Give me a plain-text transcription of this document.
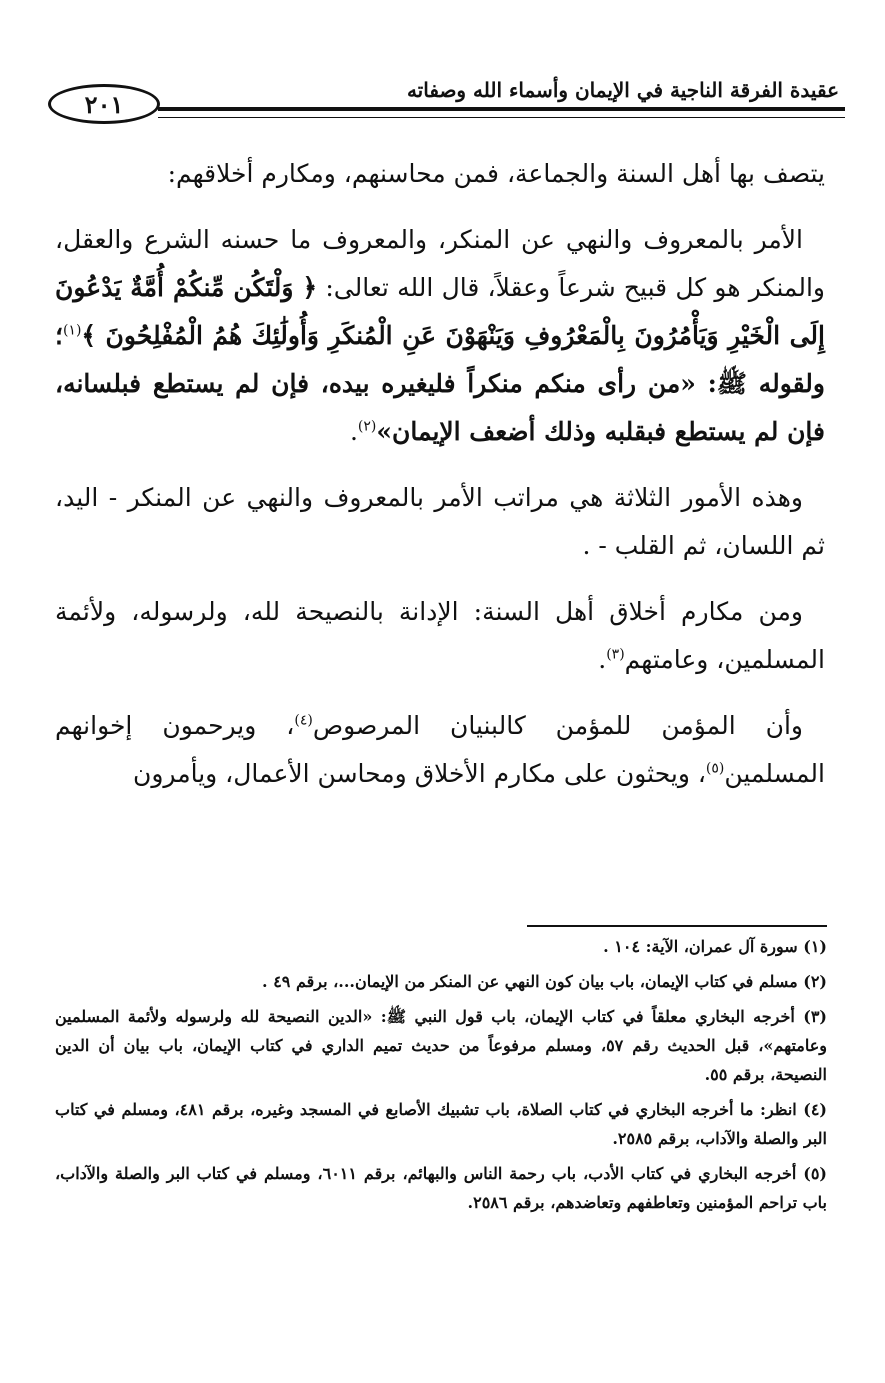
عقيدة الفرقة الناجية في الإيمان وأسماء الله وصفاته
٢٠١

يتصف بها أهل السنة والجماعة، فمن محاسنهم، ومكارم أخلاقهم:

الأمر بالمعروف والنهي عن المنكر، والمعروف ما حسنه الشرع والعقل، والمنكر هو كل قبيح شرعاً وعقلاً، قال الله تعالى: ﴿ وَلْتَكُن مِّنكُمْ أُمَّةٌ يَدْعُونَ إِلَى الْخَيْرِ وَيَأْمُرُونَ بِالْمَعْرُوفِ وَيَنْهَوْنَ عَنِ الْمُنكَرِ وَأُولَٰئِكَ هُمُ الْمُفْلِحُونَ ﴾$^{(١)}$؛ ولقوله ﷺ: «من رأى منكم منكراً فليغيره بيده، فإن لم يستطع فبلسانه، فإن لم يستطع فبقلبه وذلك أضعف الإيمان»$^{(٢)}$.

وهذه الأمور الثلاثة هي مراتب الأمر بالمعروف والنهي عن المنكر - اليد، ثم اللسان، ثم القلب - .

ومن مكارم أخلاق أهل السنة: الإدانة بالنصيحة لله، ولرسوله، ولأئمة المسلمين، وعامتهم$^{(٣)}$.

وأن المؤمن للمؤمن كالبنيان المرصوص$^{(٤)}$، ويرحمون إخوانهم المسلمين$^{(٥)}$، ويحثون على مكارم الأخلاق ومحاسن الأعمال، ويأمرون

(١) سورة آل عمران، الآية: ١٠٤ .

(٢) مسلم في كتاب الإيمان، باب بيان كون النهي عن المنكر من الإيمان...، برقم ٤٩ .

(٣) أخرجه البخاري معلقاً في كتاب الإيمان، باب قول النبي ﷺ: «الدين النصيحة لله ولرسوله ولأئمة المسلمين وعامتهم»، قبل الحديث رقم ٥٧، ومسلم مرفوعاً من حديث تميم الداري في كتاب الإيمان، باب بيان أن الدين النصيحة، برقم ٥٥.

(٤) انظر: ما أخرجه البخاري في كتاب الصلاة، باب تشبيك الأصابع في المسجد وغيره، برقم ٤٨١، ومسلم في كتاب البر والصلة والآداب، برقم ٢٥٨٥.

(٥) أخرجه البخاري في كتاب الأدب، باب رحمة الناس والبهائم، برقم ٦٠١١، ومسلم في كتاب البر والصلة والآداب، باب تراحم المؤمنين وتعاطفهم وتعاضدهم، برقم ٢٥٨٦.
